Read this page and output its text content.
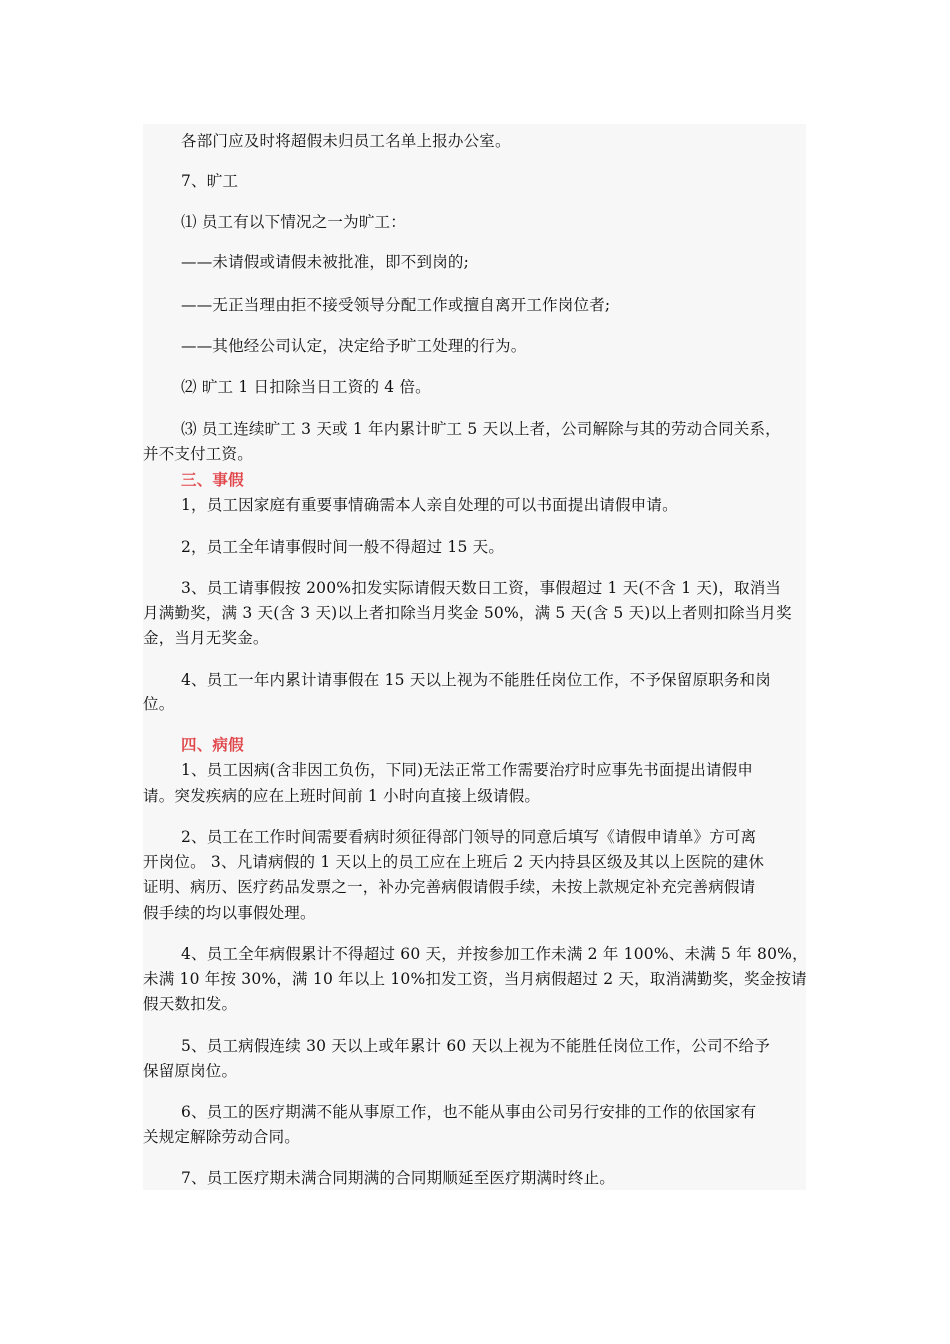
各部门应及时将超假未归员工名单上报办公室。
7、旷工
⑴ 员工有以下情况之一为旷工：
——未请假或请假未被批准，即不到岗的;
——无正当理由拒不接受领导分配工作或擅自离开工作岗位者;
——其他经公司认定，决定给予旷工处理的行为。
⑵ 旷工 1 日扣除当日工资的 4 倍。
⑶ 员工连续旷工 3 天或 1 年内累计旷工 5 天以上者，公司解除与其的劳动合同关系，
并不支付工资。
三、事假
1，员工因家庭有重要事情确需本人亲自处理的可以书面提出请假申请。
2，员工全年请事假时间一般不得超过 15 天。
3、员工请事假按 200%扣发实际请假天数日工资，事假超过 1 天(不含 1 天)，取消当
月满勤奖，满 3 天(含 3 天)以上者扣除当月奖金 50%，满 5 天(含 5 天)以上者则扣除当月奖
金，当月无奖金。
4、员工一年内累计请事假在 15 天以上视为不能胜任岗位工作，不予保留原职务和岗
位。
四、病假
1、员工因病(含非因工负伤，下同)无法正常工作需要治疗时应事先书面提出请假申
请。突发疾病的应在上班时间前 1 小时向直接上级请假。
2、员工在工作时间需要看病时须征得部门领导的同意后填写《请假申请单》方可离
开岗位。 3、凡请病假的 1 天以上的员工应在上班后 2 天内持县区级及其以上医院的建休
证明、病历、医疗药品发票之一，补办完善病假请假手续，未按上款规定补充完善病假请
假手续的均以事假处理。
4、员工全年病假累计不得超过 60 天，并按参加工作未满 2 年 100%、未满 5 年 80%，
未满 10 年按 30%，满 10 年以上 10%扣发工资，当月病假超过 2 天，取消满勤奖，奖金按请
假天数扣发。
5、员工病假连续 30 天以上或年累计 60 天以上视为不能胜任岗位工作，公司不给予
保留原岗位。
6、员工的医疗期满不能从事原工作，也不能从事由公司另行安排的工作的依国家有
关规定解除劳动合同。
7、员工医疗期未满合同期满的合同期顺延至医疗期满时终止。
